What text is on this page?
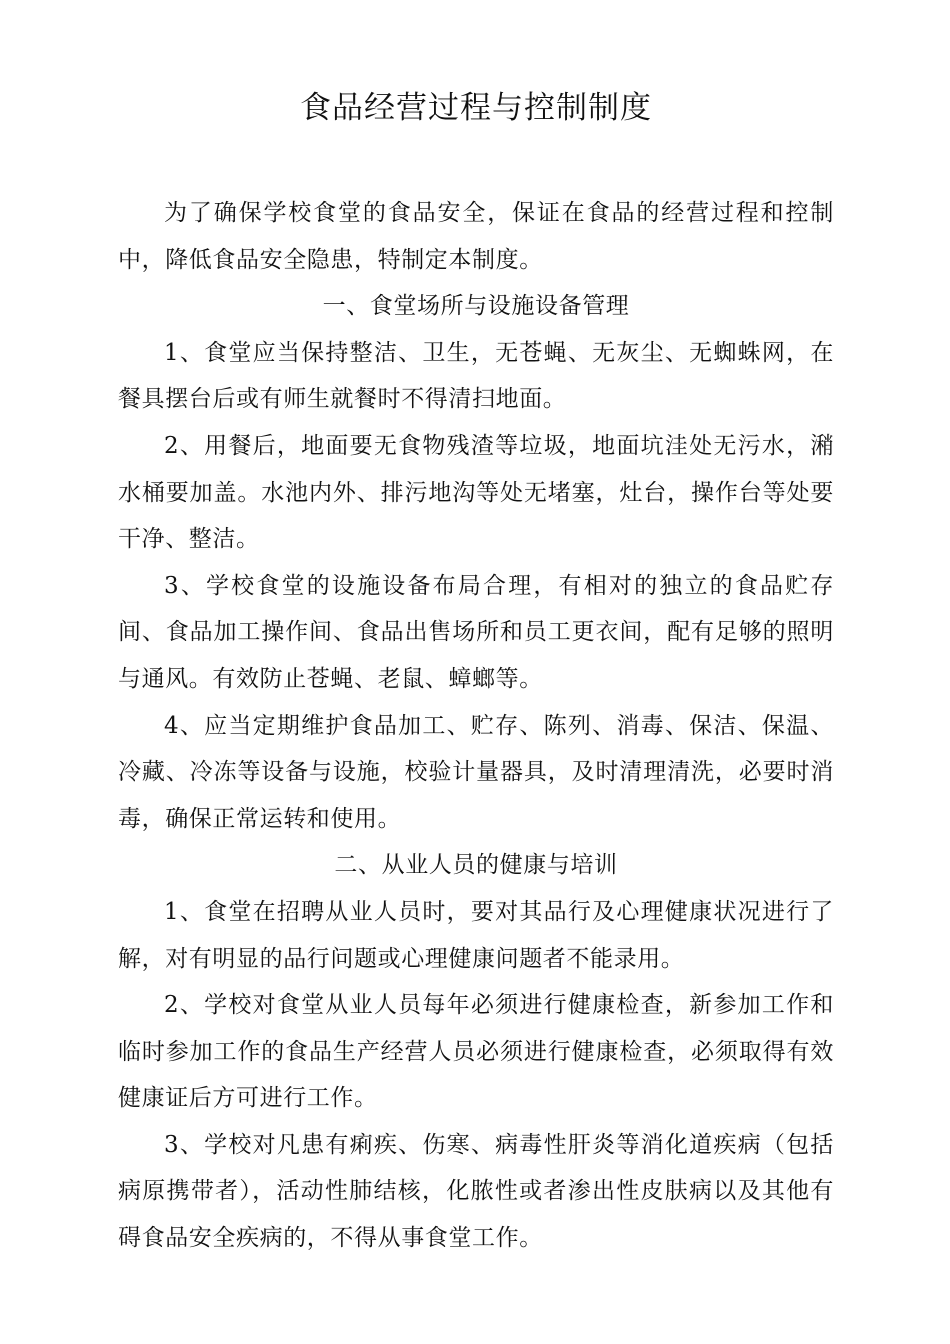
食品经营过程与控制制度

为了确保学校食堂的食品安全，保证在食品的经营过程和控制中，降低食品安全隐患，特制定本制度。

一、食堂场所与设施设备管理

1、食堂应当保持整洁、卫生，无苍蝇、无灰尘、无蜘蛛网，在餐具摆台后或有师生就餐时不得清扫地面。

2、用餐后，地面要无食物残渣等垃圾，地面坑洼处无污水，潲水桶要加盖。水池内外、排污地沟等处无堵塞，灶台，操作台等处要干净、整洁。

3、学校食堂的设施设备布局合理，有相对的独立的食品贮存间、食品加工操作间、食品出售场所和员工更衣间，配有足够的照明与通风。有效防止苍蝇、老鼠、蟑螂等。

4、应当定期维护食品加工、贮存、陈列、消毒、保洁、保温、冷藏、冷冻等设备与设施，校验计量器具，及时清理清洗，必要时消毒，确保正常运转和使用。

二、从业人员的健康与培训

1、食堂在招聘从业人员时，要对其品行及心理健康状况进行了解，对有明显的品行问题或心理健康问题者不能录用。

2、学校对食堂从业人员每年必须进行健康检查，新参加工作和临时参加工作的食品生产经营人员必须进行健康检查，必须取得有效健康证后方可进行工作。

3、学校对凡患有痢疾、伤寒、病毒性肝炎等消化道疾病（包括病原携带者），活动性肺结核，化脓性或者渗出性皮肤病以及其他有碍食品安全疾病的，不得从事食堂工作。
